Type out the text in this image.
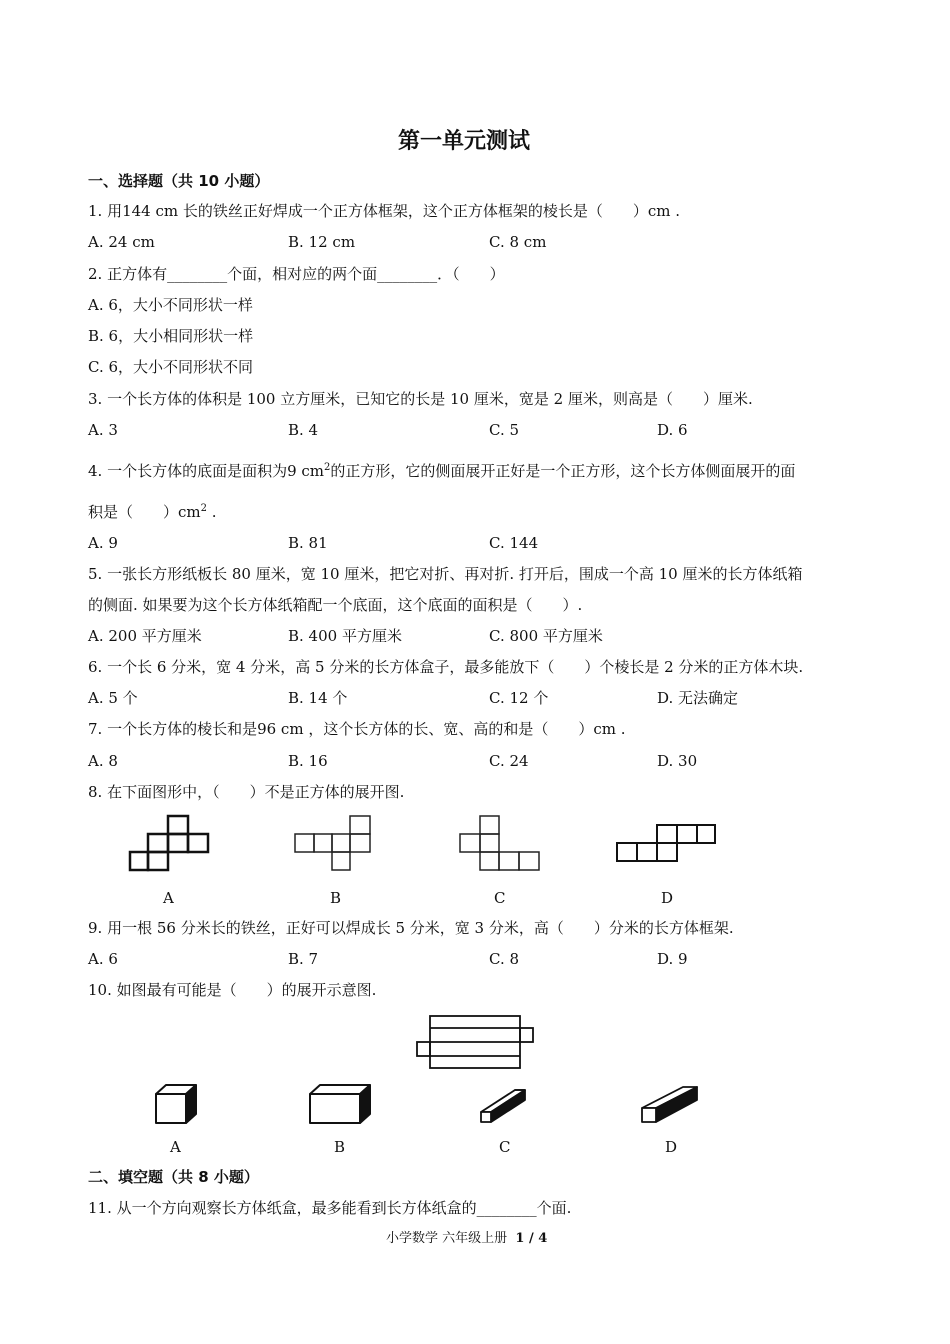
第一单元测试
一、选择题（共 10 小题）
1. 用144 cm 长的铁丝正好焊成一个正方体框架，这个正方体框架的棱长是（　　）cm .
A. 24 cm	B. 12 cm	C. 8 cm
2. 正方体有________个面，相对应的两个面________．（　　）
A. 6，大小不同形状一样
B. 6，大小相同形状一样
C. 6，大小不同形状不同
3. 一个长方体的体积是 100 立方厘米，已知它的长是 10 厘米，宽是 2 厘米，则高是（　　）厘米.
A. 3	B. 4	C. 5	D. 6
4. 一个长方体的底面是面积为9 $cm^2$的正方形，它的侧面展开正好是一个正方形，这个长方体侧面展开的面
积是（　　）$cm^2$ .
A. 9	B. 81	C. 144
5. 一张长方形纸板长 80 厘米，宽 10 厘米，把它对折、再对折. 打开后，围成一个高 10 厘米的长方体纸箱
的侧面. 如果要为这个长方体纸箱配一个底面，这个底面的面积是（　　）.
A. 200 平方厘米	B. 400 平方厘米	C. 800 平方厘米
6. 一个长 6 分米，宽 4 分米，高 5 分米的长方体盒子，最多能放下（　　）个棱长是 2 分米的正方体木块.
A. 5 个	B. 14 个	C. 12 个	D. 无法确定
7. 一个长方体的棱长和是96 cm ，这个长方体的长、宽、高的和是（　　）cm .
A. 8	B. 16	C. 24	D. 30
8. 在下面图形中，（　　）不是正方体的展开图.
A	B	C	D
9. 用一根 56 分米长的铁丝，正好可以焊成长 5 分米，宽 3 分米，高（　　）分米的长方体框架.
A. 6	B. 7	C. 8	D. 9
10. 如图最有可能是（　　）的展开示意图.
A	B	C	D
二、填空题（共 8 小题）
11. 从一个方向观察长方体纸盒，最多能看到长方体纸盒的________个面.
小学数学 六年级上册 1 / 4
